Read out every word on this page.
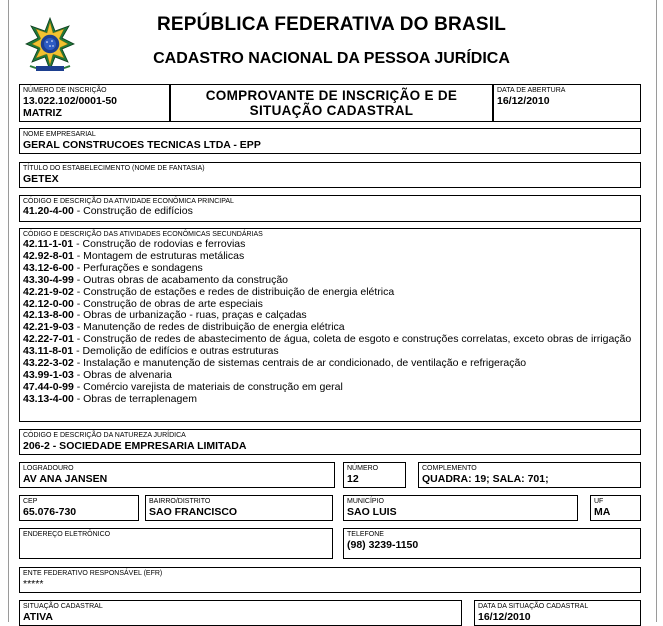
REPÚBLICA FEDERATIVA DO BRASIL
CADASTRO NACIONAL DA PESSOA JURÍDICA
NÚMERO DE INSCRIÇÃO
13.022.102/0001-50
MATRIZ
COMPROVANTE DE INSCRIÇÃO E DE
SITUAÇÃO CADASTRAL
DATA DE ABERTURA
16/12/2010
NOME EMPRESARIAL
GERAL CONSTRUCOES TECNICAS LTDA - EPP
TÍTULO DO ESTABELECIMENTO (NOME DE FANTASIA)
GETEX
CÓDIGO E DESCRIÇÃO DA ATIVIDADE ECONÔMICA PRINCIPAL
41.20-4-00 - Construção de edifícios
CÓDIGO E DESCRIÇÃO DAS ATIVIDADES ECONÔMICAS SECUNDÁRIAS
42.11-1-01 - Construção de rodovias e ferrovias
42.92-8-01 - Montagem de estruturas metálicas
43.12-6-00 - Perfurações e sondagens
43.30-4-99 - Outras obras de acabamento da construção
42.21-9-02 - Construção de estações e redes de distribuição de energia elétrica
42.12-0-00 - Construção de obras de arte especiais
42.13-8-00 - Obras de urbanização - ruas, praças e calçadas
42.21-9-03 - Manutenção de redes de distribuição de energia elétrica
42.22-7-01 - Construção de redes de abastecimento de água, coleta de esgoto e construções correlatas, exceto obras de irrigação
43.11-8-01 - Demolição de edifícios e outras estruturas
43.22-3-02 - Instalação e manutenção de sistemas centrais de ar condicionado, de ventilação e refrigeração
43.99-1-03 - Obras de alvenaria
47.44-0-99 - Comércio varejista de materiais de construção em geral
43.13-4-00 - Obras de terraplenagem
CÓDIGO E DESCRIÇÃO DA NATUREZA JURÍDICA
206-2 - SOCIEDADE EMPRESARIA LIMITADA
LOGRADOURO
AV ANA JANSEN
NÚMERO
12
COMPLEMENTO
QUADRA: 19; SALA: 701;
CEP
65.076-730
BAIRRO/DISTRITO
SAO FRANCISCO
MUNICÍPIO
SAO LUIS
UF
MA
ENDEREÇO ELETRÔNICO	TELEFONE
(98) 3239-1150
ENTE FEDERATIVO RESPONSÁVEL (EFR)
*****
SITUAÇÃO CADASTRAL
ATIVA
DATA DA SITUAÇÃO CADASTRAL
16/12/2010
